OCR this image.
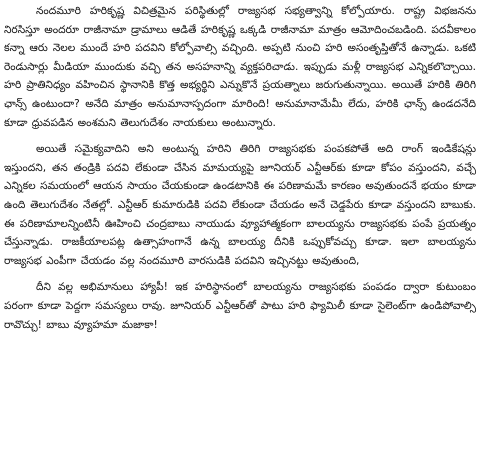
నందమూరి హరికృష్ణ విచిత్రమైన పరిస్థితుల్లో రాజ్యసభ సభ్యత్వాన్ని కోల్పోయారు. రాష్ట్ర విభజనను నిరసిస్తూ అందరూ రాజీనామా డ్రామాలు ఆడితే హరికృష్ణ ఒక్కడి రాజీనామా మాత్రం ఆమోదించబడింది. పదవీకాలం కన్నా ఆరు నెలల ముందే హరి పదవిని కోల్పోవాల్సి వచ్చింది. అప్పటి నుంచి హరి అసంతృప్తితోనే ఉన్నాడు. ఒకటి రెండుసార్లు మీడియా ముందుకు వచ్చి తన అసహనాన్ని వ్యక్తపరిచాడు. ఇప్పుడు మళ్లీ రాజ్యసభ ఎన్నికలొచ్చాయి. హరి ప్రాతినిధ్యం వహించిన స్థానానికి కొత్త అభ్యర్థిని ఎన్నుకొనే ప్రయత్నాలు జరుగుతున్నాయి. అయితే హరికి తిరిగి ఛాన్స్ ఉంటుందా? అనేది మాత్రం అనుమానాస్పదంగా మారింది! అనుమానామేమీ లేదు, హరికి ఛాన్స్ ఉండదనేది కూడా ధ్రువపడిన అంశమని తెలుగుదేశం నాయకులు అంటున్నారు.

అయితే సమైక్యవాదిని అని అంటున్న హరిని తిరిగి రాజ్యసభకు పంపకపోతే అది రాంగ్ ఇండికేషన్లు ఇస్తుందని, తన తండ్రికి పదవి లేకుండా చేసిన మామయ్యపై జూనియర్ ఎన్టీఆర్‌కు కూడా కోపం వస్తుందని, వచ్చే ఎన్నికల సమయంలో ఆయన సాయం చేయకుండా ఉండటానికి ఈ పరిణామమే కారణం అవుతుందనే భయం కూడా ఉంది తెలుగుదేశం నేతల్లో. ఎన్టీఆర్ కుమారుడికి పదవి లేకుండా చేయడం అనే చెడ్డపేరు కూడా వస్తుందని బాబుకు. ఈ పరిణామాలన్నింటినీ ఊహించి చంద్రబాబు నాయుడు వ్యూహాత్మకంగా బాలయ్యను రాజ్యసభకు పంపే ప్రయత్నం చేస్తున్నాడు. రాజకీయాలపట్ల ఉత్సాహంగానే ఉన్న బాలయ్య దీనికి ఒప్పుకోవచ్చు కూడా. ఇలా బాలయ్యను రాజ్యసభ ఎంపీగా చేయడం వల్ల నందమూరి వారసుడికి పదవిని ఇచ్చినట్టు అవుతుంది,

దీని వల్ల అభిమానులు హ్యాపీ! ఇక హరిస్థానంలో బాలయ్యను రాజ్యసభకు పంపడం ద్వారా కుటుంబం పరంగా కూడా పెద్దగా సమస్యలు రావు. జూనియర్ ఎన్టీఆర్‌తో పాటు హరి ఫ్యామిలీ కూడా సైలెంట్‌గా ఉండిపోవాల్సి రావొచ్చు! బాబు వ్యూహమా మజాకా!
